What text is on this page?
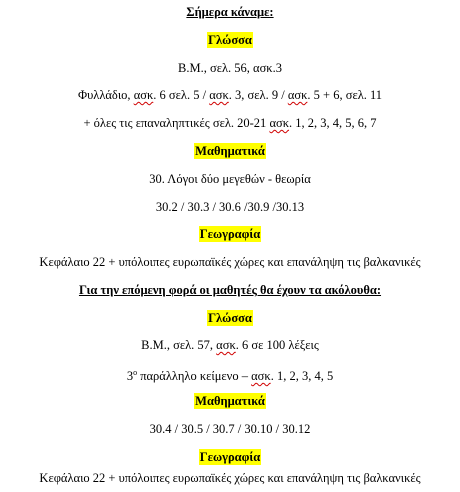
Σήμερα κάναμε:
Γλώσσα
Β.Μ., σελ. 56, ασκ.3
Φυλλάδιο, ασκ. 6 σελ. 5 / ασκ. 3, σελ. 9 / ασκ. 5 + 6, σελ. 11
+ όλες τις επαναληπτικές σελ. 20-21 ασκ. 1, 2, 3, 4, 5, 6, 7
Μαθηματικά
30. Λόγοι δύο μεγεθών - θεωρία
30.2 / 30.3 / 30.6 /30.9 /30.13
Γεωγραφία
Κεφάλαιο 22 + υπόλοιπες ευρωπαϊκές χώρες και επανάληψη τις βαλκανικές
Για την επόμενη φορά οι μαθητές θα έχουν τα ακόλουθα:
Γλώσσα
Β.Μ., σελ. 57, ασκ. 6 σε 100 λέξεις
$3^o$ παράλληλο κείμενο – ασκ. 1, 2, 3, 4, 5
Μαθηματικά
30.4 / 30.5 / 30.7 / 30.10 / 30.12
Γεωγραφία
Κεφάλαιο 22 + υπόλοιπες ευρωπαϊκές χώρες και επανάληψη τις βαλκανικές
